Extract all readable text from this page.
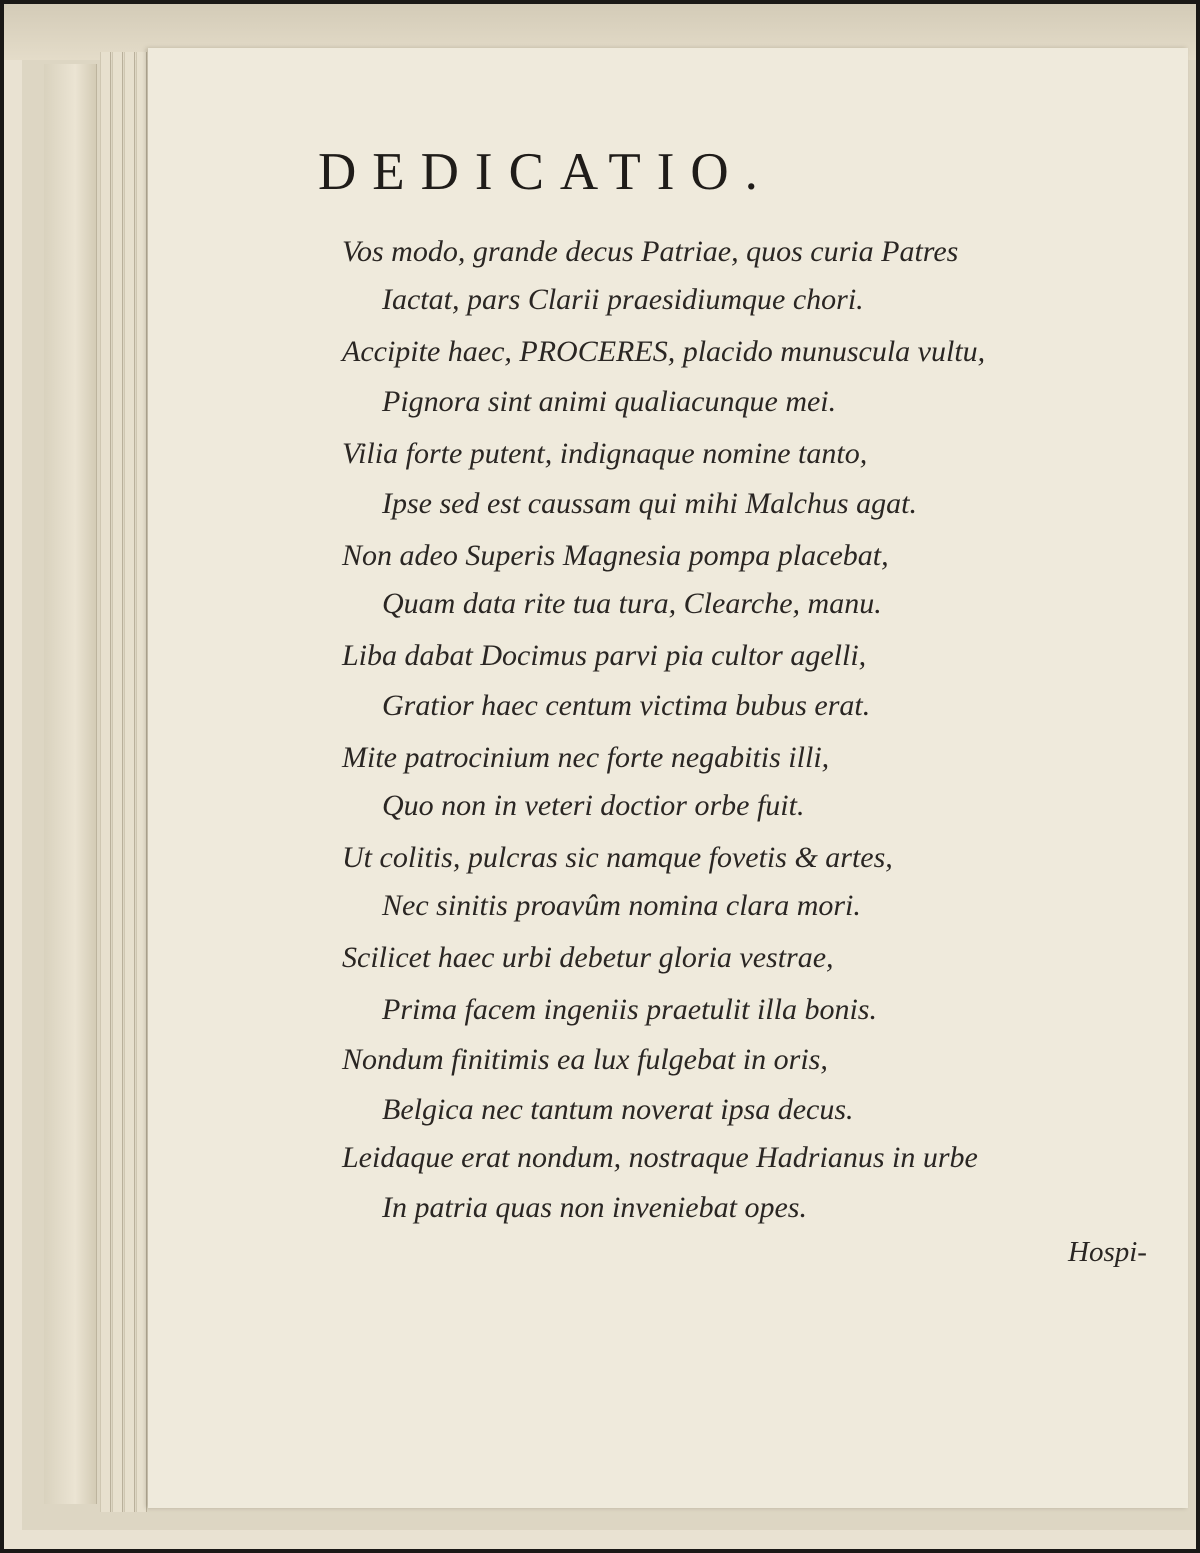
DEDICATIO.
Vos modo, grande decus Patriae, quos curia Patres
Iactat, pars Clarii praesidiumque chori.
Accipite haec, PROCERES, placido munuscula vultu,
Pignora sint animi qualiacunque mei.
Vilia forte putent, indignaque nomine tanto,
Ipse sed est caussam qui mihi Malchus agat.
Non adeo Superis Magnesia pompa placebat,
Quam data rite tua tura, Clearche, manu.
Liba dabat Docimus parvi pia cultor agelli,
Gratior haec centum victima bubus erat.
Mite patrocinium nec forte negabitis illi,
Quo non in veteri doctior orbe fuit.
Ut colitis, pulcras sic namque fovetis & artes,
Nec sinitis proavûm nomina clara mori.
Scilicet haec urbi debetur gloria vestrae,
Prima facem ingeniis praetulit illa bonis.
Nondum finitimis ea lux fulgebat in oris,
Belgica nec tantum noverat ipsa decus.
Leidaque erat nondum, nostraque Hadrianus in urbe
In patria quas non inveniebat opes.
Hospi-
